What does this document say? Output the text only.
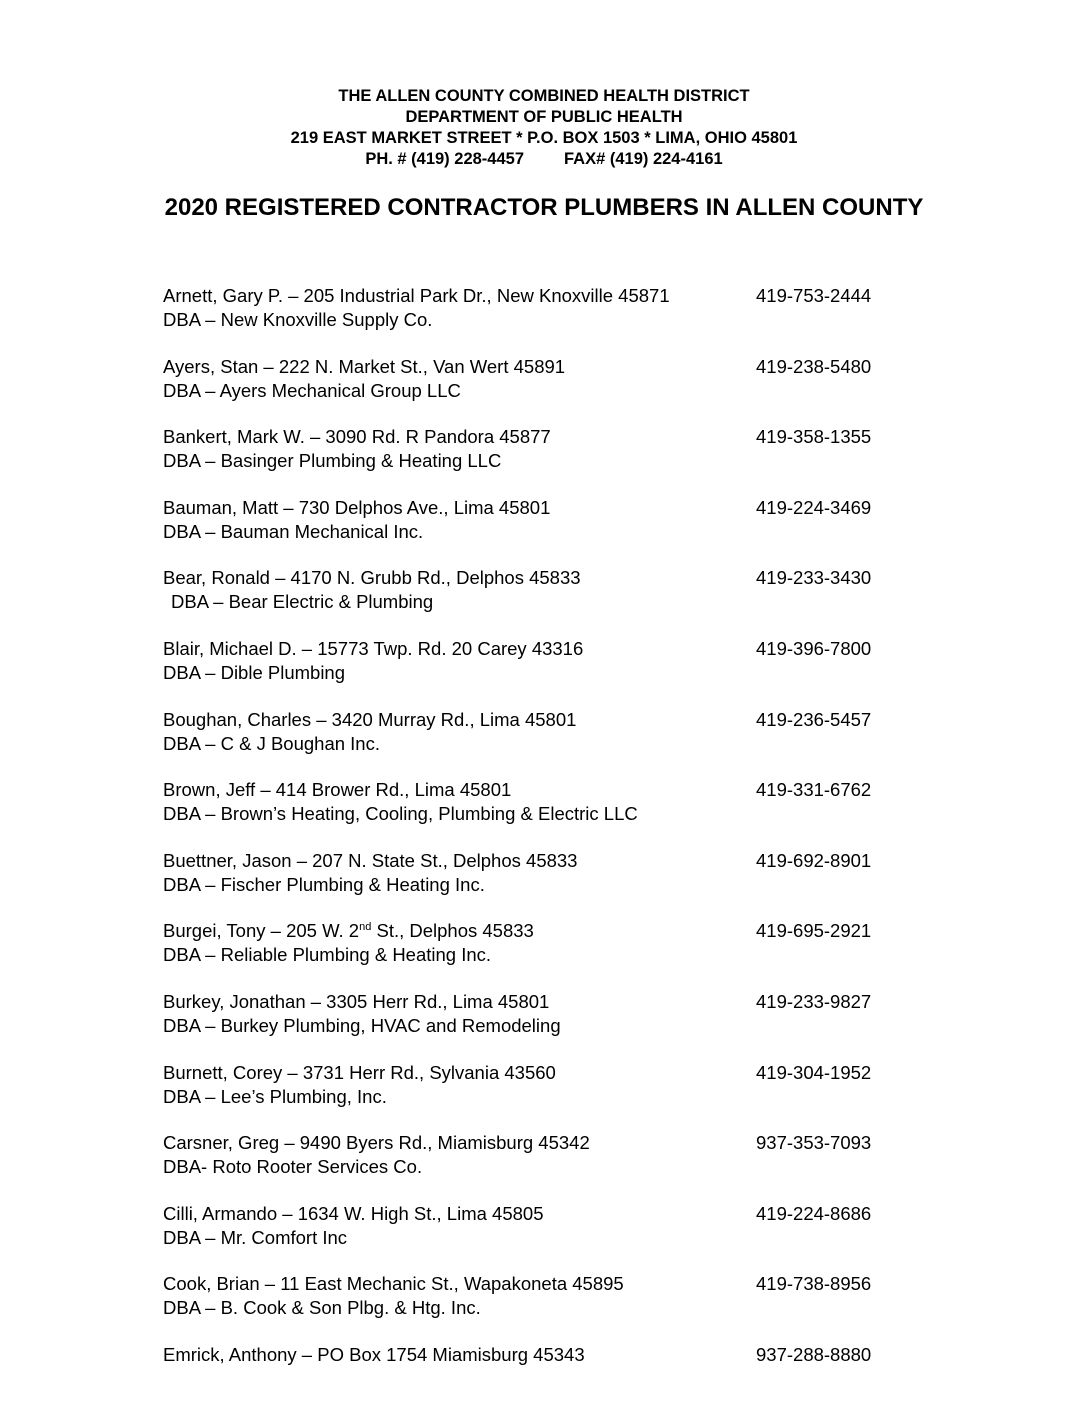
THE ALLEN COUNTY COMBINED HEALTH DISTRICT
DEPARTMENT OF PUBLIC HEALTH
219 EAST MARKET STREET * P.O. BOX 1503 * LIMA, OHIO 45801
PH. # (419) 228-4457 FAX# (419) 224-4161
2020 REGISTERED CONTRACTOR PLUMBERS IN ALLEN COUNTY
Arnett, Gary P. – 205 Industrial Park Dr., New Knoxville 45871	419-753-2444
DBA – New Knoxville Supply Co.
Ayers, Stan – 222 N. Market St., Van Wert 45891	419-238-5480
DBA – Ayers Mechanical Group LLC
Bankert, Mark W. – 3090 Rd. R Pandora 45877	419-358-1355
DBA – Basinger Plumbing & Heating LLC
Bauman, Matt – 730 Delphos Ave., Lima 45801	419-224-3469
DBA – Bauman Mechanical Inc.
Bear, Ronald – 4170 N. Grubb Rd., Delphos 45833	419-233-3430
DBA – Bear Electric & Plumbing
Blair, Michael D. – 15773 Twp. Rd. 20 Carey 43316	419-396-7800
DBA – Dible Plumbing
Boughan, Charles – 3420 Murray Rd., Lima 45801	419-236-5457
DBA – C & J Boughan Inc.
Brown, Jeff – 414 Brower Rd., Lima 45801	419-331-6762
DBA – Brown’s Heating, Cooling, Plumbing & Electric LLC
Buettner, Jason – 207 N. State St., Delphos 45833	419-692-8901
DBA – Fischer Plumbing & Heating Inc.
Burgei, Tony – 205 W. 2nd St., Delphos 45833	419-695-2921
DBA – Reliable Plumbing & Heating Inc.
Burkey, Jonathan – 3305 Herr Rd., Lima 45801	419-233-9827
DBA – Burkey Plumbing, HVAC and Remodeling
Burnett, Corey – 3731 Herr Rd., Sylvania 43560	419-304-1952
DBA – Lee’s Plumbing, Inc.
Carsner, Greg – 9490 Byers Rd., Miamisburg 45342	937-353-7093
DBA- Roto Rooter Services Co.
Cilli, Armando – 1634 W. High St., Lima 45805	419-224-8686
DBA – Mr. Comfort Inc
Cook, Brian – 11 East Mechanic St., Wapakoneta 45895	419-738-8956
DBA – B. Cook & Son Plbg. & Htg. Inc.
Emrick, Anthony – PO Box 1754 Miamisburg 45343	937-288-8880
